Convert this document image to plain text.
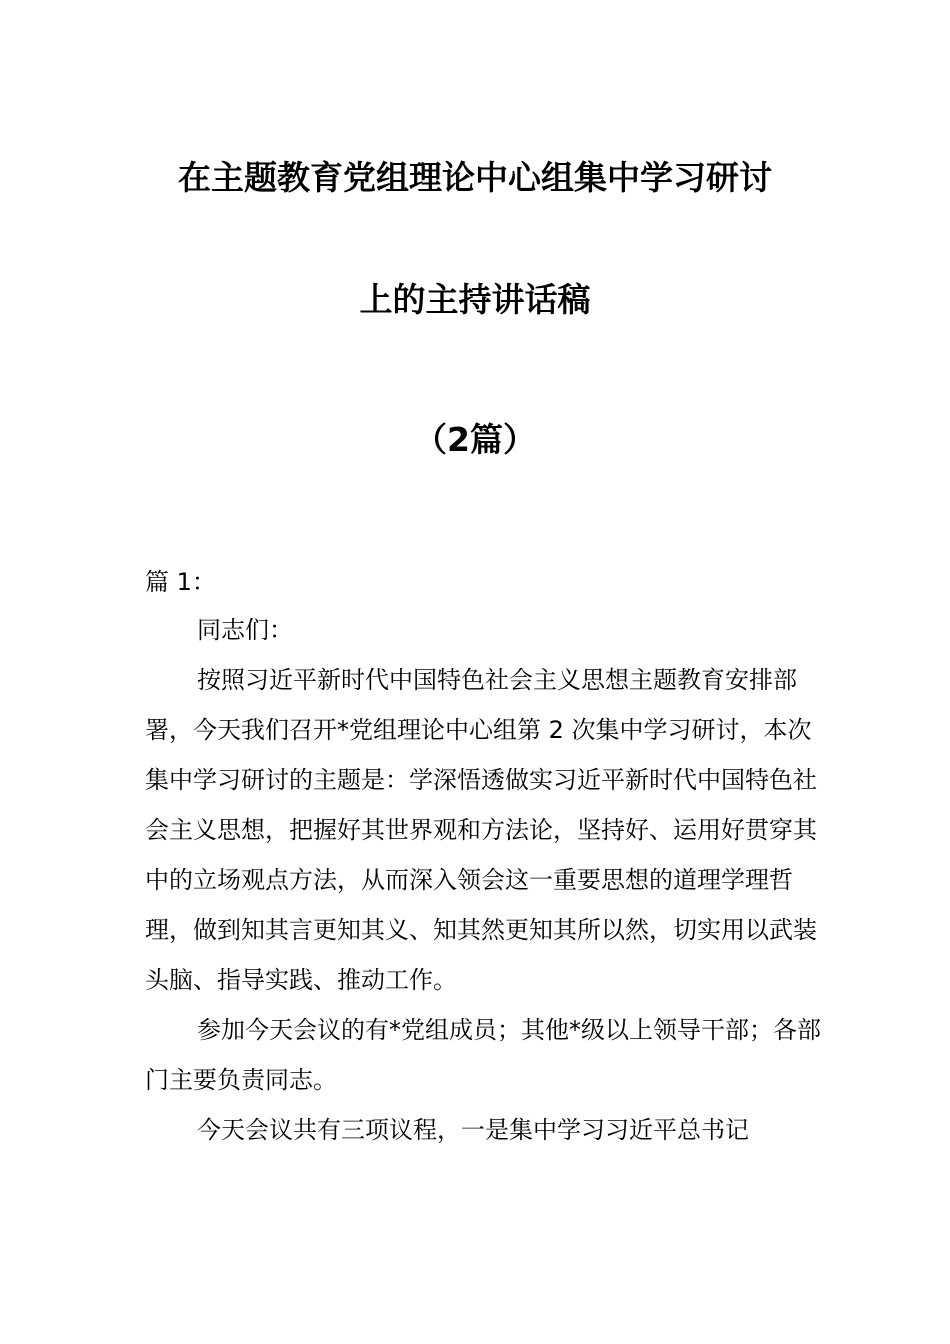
在主题教育党组理论中心组集中学习研讨
上的主持讲话稿
（2篇）
篇 1：

同志们：

按照习近平新时代中国特色社会主义思想主题教育安排部署，今天我们召开*党组理论中心组第 2 次集中学习研讨，本次集中学习研讨的主题是：学深悟透做实习近平新时代中国特色社会主义思想，把握好其世界观和方法论，坚持好、运用好贯穿其中的立场观点方法，从而深入领会这一重要思想的道理学理哲理，做到知其言更知其义、知其然更知其所以然，切实用以武装头脑、指导实践、推动工作。

参加今天会议的有*党组成员；其他*级以上领导干部；各部门主要负责同志。

今天会议共有三项议程，一是集中学习习近平总书记
